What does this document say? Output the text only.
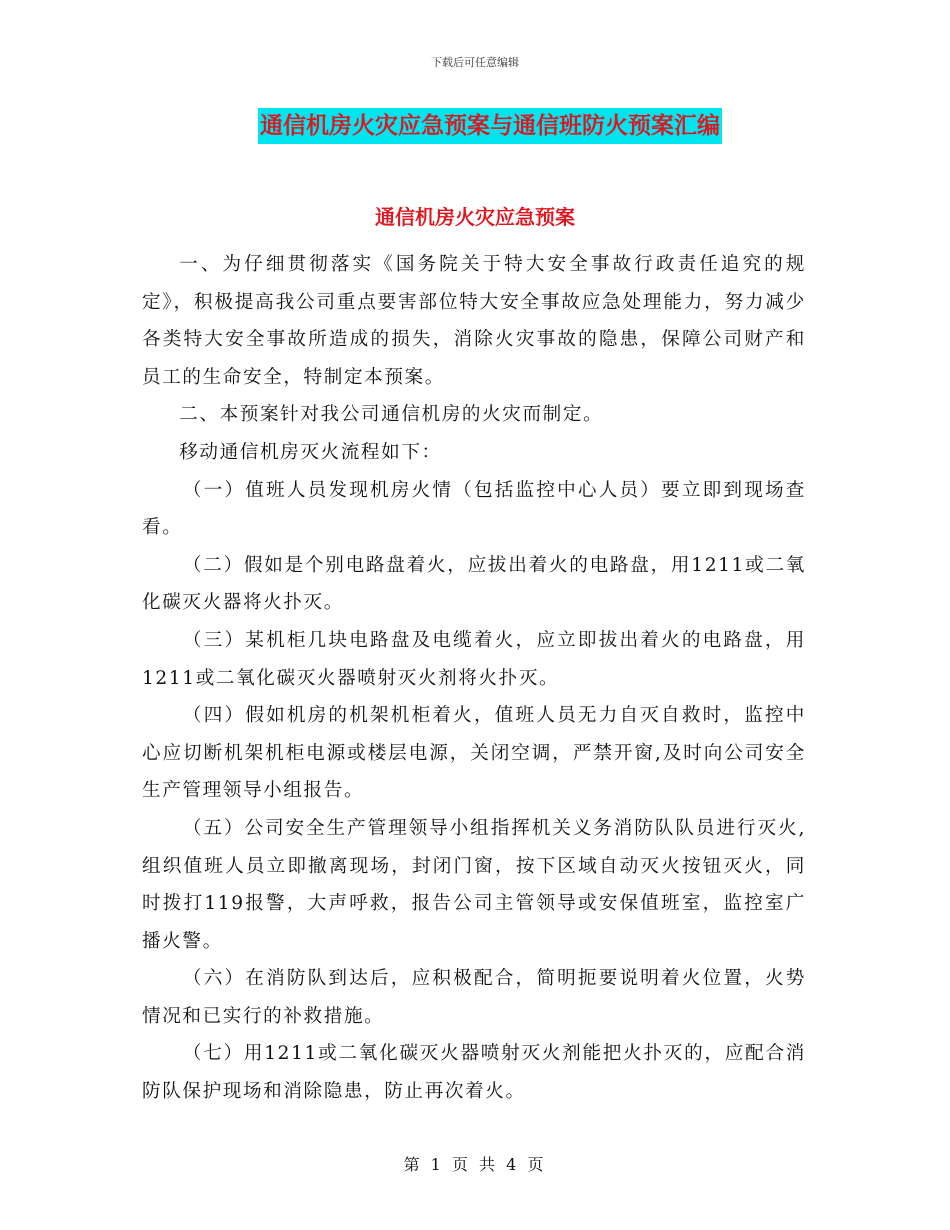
下载后可任意编辑
通信机房火灾应急预案与通信班防火预案汇编
通信机房火灾应急预案

一、为仔细贯彻落实《国务院关于特大安全事故行政责任追究的规定》，积极提高我公司重点要害部位特大安全事故应急处理能力，努力减少各类特大安全事故所造成的损失，消除火灾事故的隐患，保障公司财产和员工的生命安全，特制定本预案。

二、本预案针对我公司通信机房的火灾而制定。

移动通信机房灭火流程如下：

（一）值班人员发现机房火情（包括监控中心人员）要立即到现场查看。

（二）假如是个别电路盘着火，应拔出着火的电路盘，用1211或二氧化碳灭火器将火扑灭。

（三）某机柜几块电路盘及电缆着火，应立即拔出着火的电路盘，用1211或二氧化碳灭火器喷射灭火剂将火扑灭。

（四）假如机房的机架机柜着火，值班人员无力自灭自救时，监控中心应切断机架机柜电源或楼层电源，关闭空调，严禁开窗,及时向公司安全生产管理领导小组报告。

（五）公司安全生产管理领导小组指挥机关义务消防队队员进行灭火,组织值班人员立即撤离现场，封闭门窗，按下区域自动灭火按钮灭火，同时拨打119报警，大声呼救，报告公司主管领导或安保值班室，监控室广播火警。

（六）在消防队到达后，应积极配合，简明扼要说明着火位置，火势情况和已实行的补救措施。

（七）用1211或二氧化碳灭火器喷射灭火剂能把火扑灭的，应配合消防队保护现场和消除隐患，防止再次着火。

第 1 页 共 4 页
